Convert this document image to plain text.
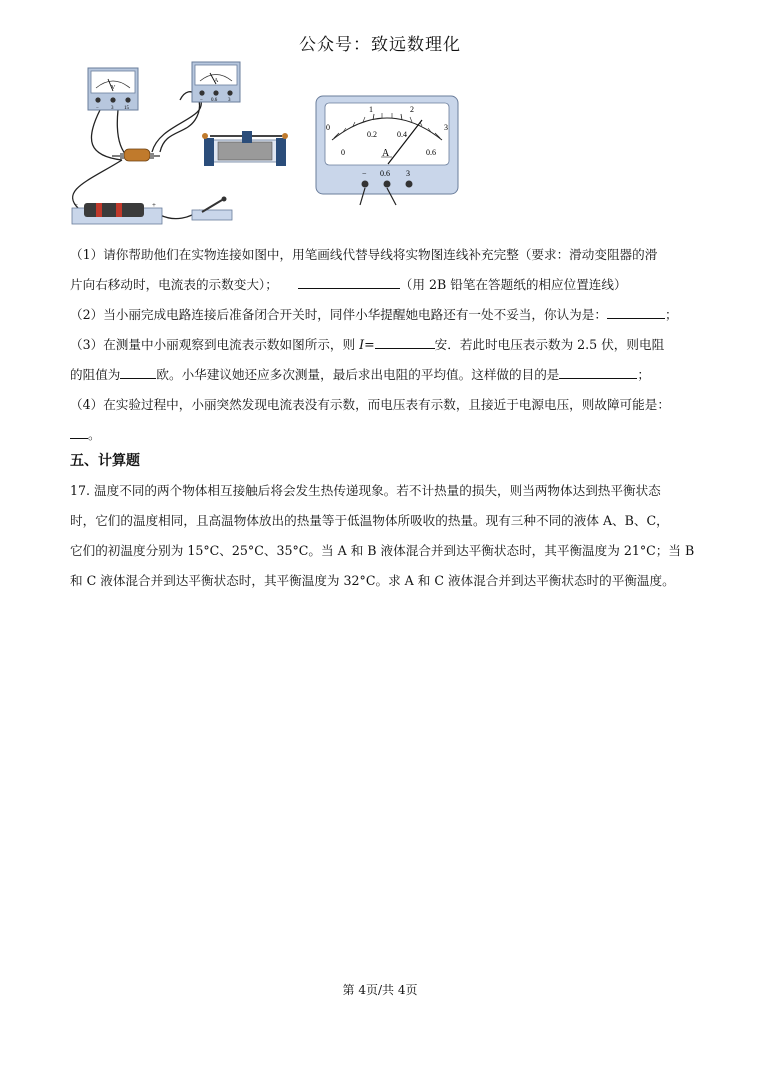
公众号：致远数理化
V
− 3 15
A
− 0.6 3
−	+
0
1	2
3
0
0.2	0.4
0.6
A
− 0.6 3
（1）请你帮助他们在实物连接如图中，用笔画线代替导线将实物图连线补充完整（要求：滑动变阻器的滑
片向右移动时，电流表的示数变大）；	（用 2B 铅笔在答题纸的相应位置连线）
（2）当小丽完成电路连接后准备闭合开关时，同伴小华提醒她电路还有一处不妥当，你认为是：	；
（3）在测量中小丽观察到电流表示数如图所示，则 I=	安．若此时电压表示数为 2.5 伏，则电阻
的阻值为	欧。小华建议她还应多次测量，最后求出电阻的平均值。这样做的目的是	；
（4）在实验过程中，小丽突然发现电流表没有示数，而电压表有示数，且接近于电源电压，则故障可能是：
。
五、计算题
17. 温度不同的两个物体相互接触后将会发生热传递现象。若不计热量的损失，则当两物体达到热平衡状态
时，它们的温度相同，且高温物体放出的热量等于低温物体所吸收的热量。现有三种不同的液体 A、B、C，
它们的初温度分别为 15°C、25°C、35°C。当 A 和 B 液体混合并到达平衡状态时，其平衡温度为 21°C；当 B
和 C 液体混合并到达平衡状态时，其平衡温度为 32°C。求 A 和 C 液体混合并到达平衡状态时的平衡温度。
第 4页/共 4页
